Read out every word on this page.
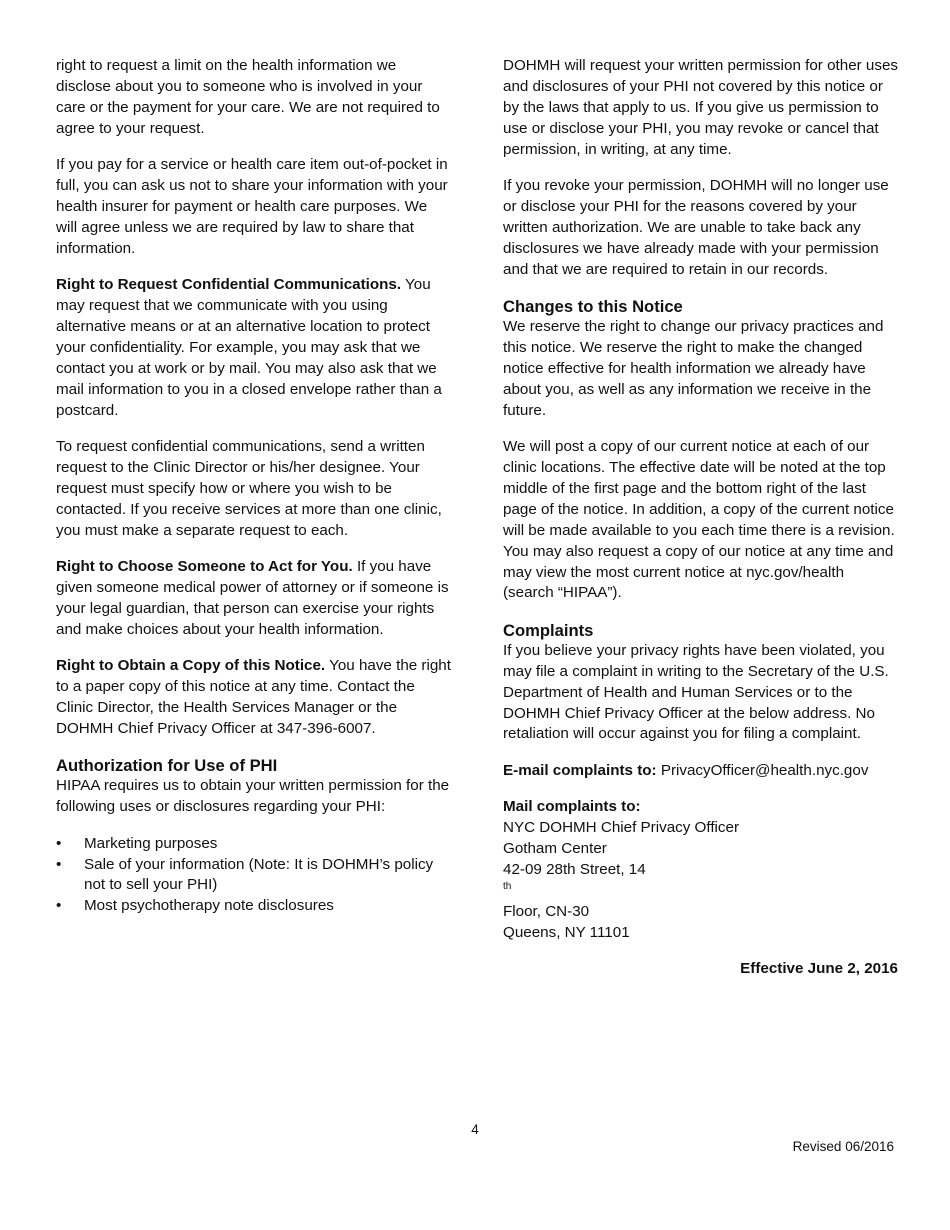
right to request a limit on the health information we disclose about you to someone who is involved in your care or the payment for your care. We are not required to agree to your request.

If you pay for a service or health care item out-of-pocket in full, you can ask us not to share your information with your health insurer for payment or health care purposes. We will agree unless we are required by law to share that information.

Right to Request Confidential Communications. You may request that we communicate with you using alternative means or at an alternative location to protect your confidentiality. For example, you may ask that we contact you at work or by mail. You may also ask that we mail information to you in a closed envelope rather than a postcard.

To request confidential communications, send a written request to the Clinic Director or his/her designee. Your request must specify how or where you wish to be contacted. If you receive services at more than one clinic, you must make a separate request to each.

Right to Choose Someone to Act for You. If you have given someone medical power of attorney or if someone is your legal guardian, that person can exercise your rights and make choices about your health information.

Right to Obtain a Copy of this Notice. You have the right to a paper copy of this notice at any time. Contact the Clinic Director, the Health Services Manager or the DOHMH Chief Privacy Officer at 347-396-6007.

Authorization for Use of PHI

HIPAA requires us to obtain your written permission for the following uses or disclosures regarding your PHI:

• Marketing purposes
• Sale of your information (Note: It is DOHMH’s policy not to sell your PHI)
• Most psychotherapy note disclosures

DOHMH will request your written permission for other uses and disclosures of your PHI not covered by this notice or by the laws that apply to us. If you give us permission to use or disclose your PHI, you may revoke or cancel that permission, in writing, at any time.

If you revoke your permission, DOHMH will no longer use or disclose your PHI for the reasons covered by your written authorization. We are unable to take back any disclosures we have already made with your permission and that we are required to retain in our records.

Changes to this Notice

We reserve the right to change our privacy practices and this notice. We reserve the right to make the changed notice effective for health information we already have about you, as well as any information we receive in the future.

We will post a copy of our current notice at each of our clinic locations. The effective date will be noted at the top middle of the first page and the bottom right of the last page of the notice. In addition, a copy of the current notice will be made available to you each time there is a revision. You may also request a copy of our notice at any time and may view the most current notice at nyc.gov/health (search “HIPAA”).

Complaints

If you believe your privacy rights have been violated, you may file a complaint in writing to the Secretary of the U.S. Department of Health and Human Services or to the DOHMH Chief Privacy Officer at the below address. No retaliation will occur against you for filing a complaint.

E-mail complaints to: PrivacyOfficer@health.nyc.gov

Mail complaints to:
NYC DOHMH Chief Privacy Officer
Gotham Center
42-09 28th Street, 14
$^{th}$
Floor, CN-30
Queens, NY 11101

Effective June 2, 2016
4
Revised 06/2016
